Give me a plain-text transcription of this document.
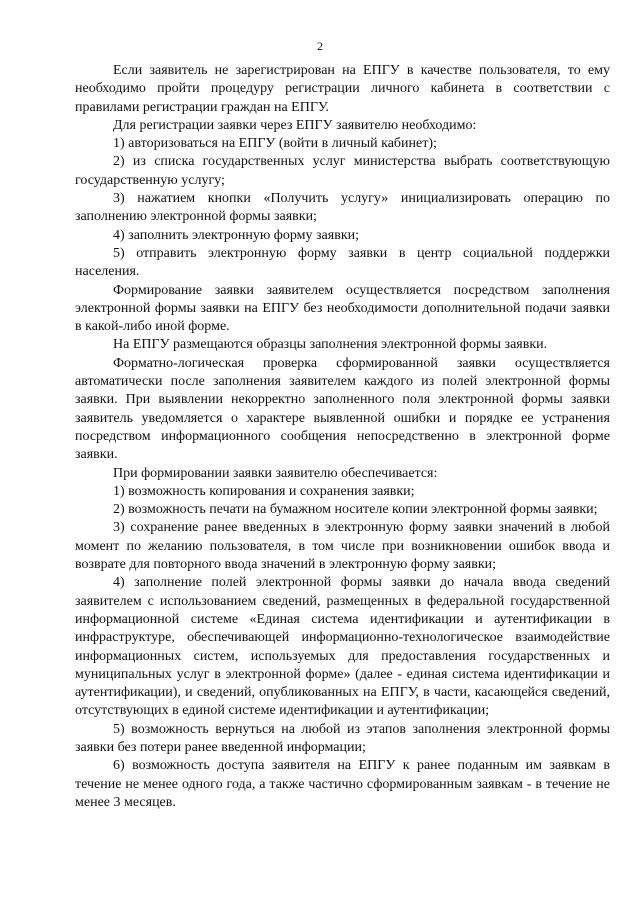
2

Если заявитель не зарегистрирован на ЕПГУ в качестве пользователя, то ему необходимо пройти процедуру регистрации личного кабинета в соответствии с правилами регистрации граждан на ЕПГУ.

Для регистрации заявки через ЕПГУ заявителю необходимо:

1) авторизоваться на ЕПГУ (войти в личный кабинет);

2) из списка государственных услуг министерства выбрать соответствующую государственную услугу;

3) нажатием кнопки «Получить услугу» инициализировать операцию по заполнению электронной формы заявки;

4) заполнить электронную форму заявки;

5) отправить электронную форму заявки в центр социальной поддержки населения.

Формирование заявки заявителем осуществляется посредством заполнения электронной формы заявки на ЕПГУ без необходимости дополнительной подачи заявки в какой-либо иной форме.

На ЕПГУ размещаются образцы заполнения электронной формы заявки.

Форматно-логическая проверка сформированной заявки осуществляется автоматически после заполнения заявителем каждого из полей электронной формы заявки. При выявлении некорректно заполненного поля электронной формы заявки заявитель уведомляется о характере выявленной ошибки и порядке ее устранения посредством информационного сообщения непосредственно в электронной форме заявки.

При формировании заявки заявителю обеспечивается:

1) возможность копирования и сохранения заявки;

2) возможность печати на бумажном носителе копии электронной формы заявки;

3) сохранение ранее введенных в электронную форму заявки значений в любой момент по желанию пользователя, в том числе при возникновении ошибок ввода и возврате для повторного ввода значений в электронную форму заявки;

4) заполнение полей электронной формы заявки до начала ввода сведений заявителем с использованием сведений, размещенных в федеральной государственной информационной системе «Единая система идентификации и аутентификации в инфраструктуре, обеспечивающей информационно-технологическое взаимодействие информационных систем, используемых для предоставления государственных и муниципальных услуг в электронной форме» (далее - единая система идентификации и аутентификации), и сведений, опубликованных на ЕПГУ, в части, касающейся сведений, отсутствующих в единой системе идентификации и аутентификации;

5) возможность вернуться на любой из этапов заполнения электронной формы заявки без потери ранее введенной информации;

6) возможность доступа заявителя на ЕПГУ к ранее поданным им заявкам в течение не менее одного года, а также частично сформированным заявкам - в течение не менее 3 месяцев.
